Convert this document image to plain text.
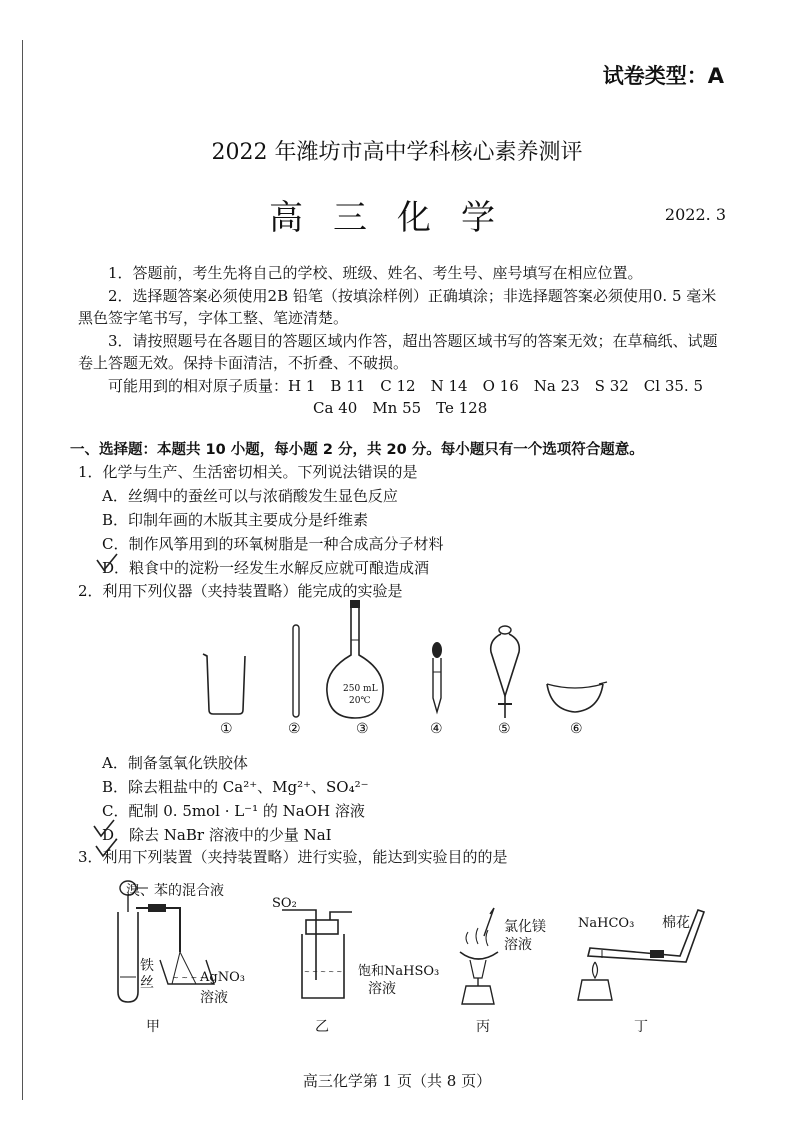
试卷类型：A
2022 年潍坊市高中学科核心素养测评
高三化学	2022. 3

1．答题前，考生先将自己的学校、班级、姓名、考生号、座号填写在相应位置。

2．选择题答案必须使用2B 铅笔（按填涂样例）正确填涂；非选择题答案必须使用0. 5 毫米黑色签字笔书写，字体工整、笔迹清楚。

3．请按照题号在各题目的答题区域内作答，超出答题区域书写的答案无效；在草稿纸、试题卷上答题无效。保持卡面清洁，不折叠、不破损。

可能用到的相对原子质量：H 1　B 11　C 12　N 14　O 16　Na 23　S 32　Cl 35. 5

Ca 40　Mn 55　Te 128

一、选择题：本题共 10 小题，每小题 2 分，共 20 分。每小题只有一个选项符合题意。
1．化学与生产、生活密切相关。下列说法错误的是
A．丝绸中的蚕丝可以与浓硝酸发生显色反应
B．印制年画的木版其主要成分是纤维素
C．制作风筝用到的环氧树脂是一种合成高分子材料
D．粮食中的淀粉一经发生水解反应就可酿造成酒
2．利用下列仪器（夹持装置略）能完成的实验是
250 mL
20℃
①	②	③	④	⑤	⑥
A．制备氢氧化铁胶体
B．除去粗盐中的 Ca²⁺、Mg²⁺、SO₄²⁻
C．配制 0. 5mol · L⁻¹ 的 NaOH 溶液
D．除去 NaBr 溶液中的少量 NaI
3．利用下列装置（夹持装置略）进行实验，能达到实验目的的是
~ ~ ~ ~
溴、苯的混合液
铁
丝	AgNO₃
溶液
~ ~ ~ ~ ~
SO₂
饱和NaHSO₃
溶液
氯化镁
溶液
NaHCO₃ 棉花
甲	乙	丙	丁
高三化学第 1 页（共 8 页）
